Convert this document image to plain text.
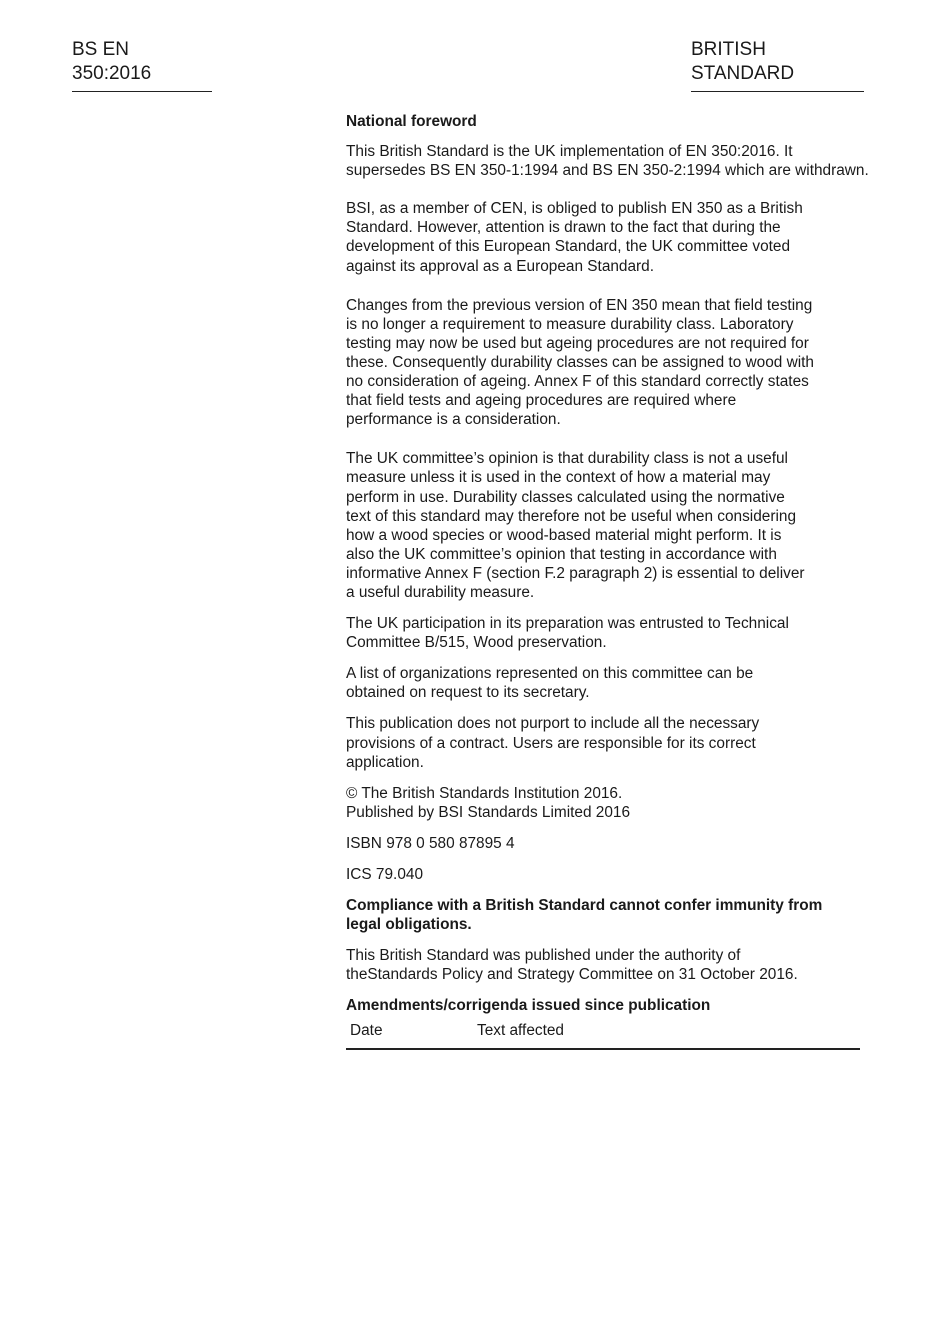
BS EN 350:2016
BRITISH STANDARD

National foreword

This British Standard is the UK implementation of EN 350:2016. It
supersedes BS EN 350-1:1994 and BS EN 350-2:1994 which are withdrawn.

BSI, as a member of CEN, is obliged to publish EN 350 as a British
Standard. However, attention is drawn to the fact that during the
development of this European Standard, the UK committee voted
against its approval as a European Standard.

Changes from the previous version of EN 350 mean that field testing
is no longer a requirement to measure durability class. Laboratory
testing may now be used but ageing procedures are not required for
these. Consequently durability classes can be assigned to wood with
no consideration of ageing. Annex F of this standard correctly states
that field tests and ageing procedures are required where
performance is a consideration.

The UK committee’s opinion is that durability class is not a useful
measure unless it is used in the context of how a material may
perform in use. Durability classes calculated using the normative
text of this standard may therefore not be useful when considering
how a wood species or wood-based material might perform. It is
also the UK committee’s opinion that testing in accordance with
informative Annex F (section F.2 paragraph 2) is essential to deliver
a useful durability measure.

The UK participation in its preparation was entrusted to Technical
Committee B/515, Wood preservation.

A list of organizations represented on this committee can be
obtained on request to its secretary.

This publication does not purport to include all the necessary
provisions of a contract. Users are responsible for its correct
application.

© The British Standards Institution 2016.
Published by BSI Standards Limited 2016

ISBN 978 0 580 87895 4

ICS 79.040

Compliance with a British Standard cannot confer immunity from
legal obligations.

This British Standard was published under the authority of
theStandards Policy and Strategy Committee on 31 October 2016.

Amendments/corrigenda issued since publication

Date	Text affected
